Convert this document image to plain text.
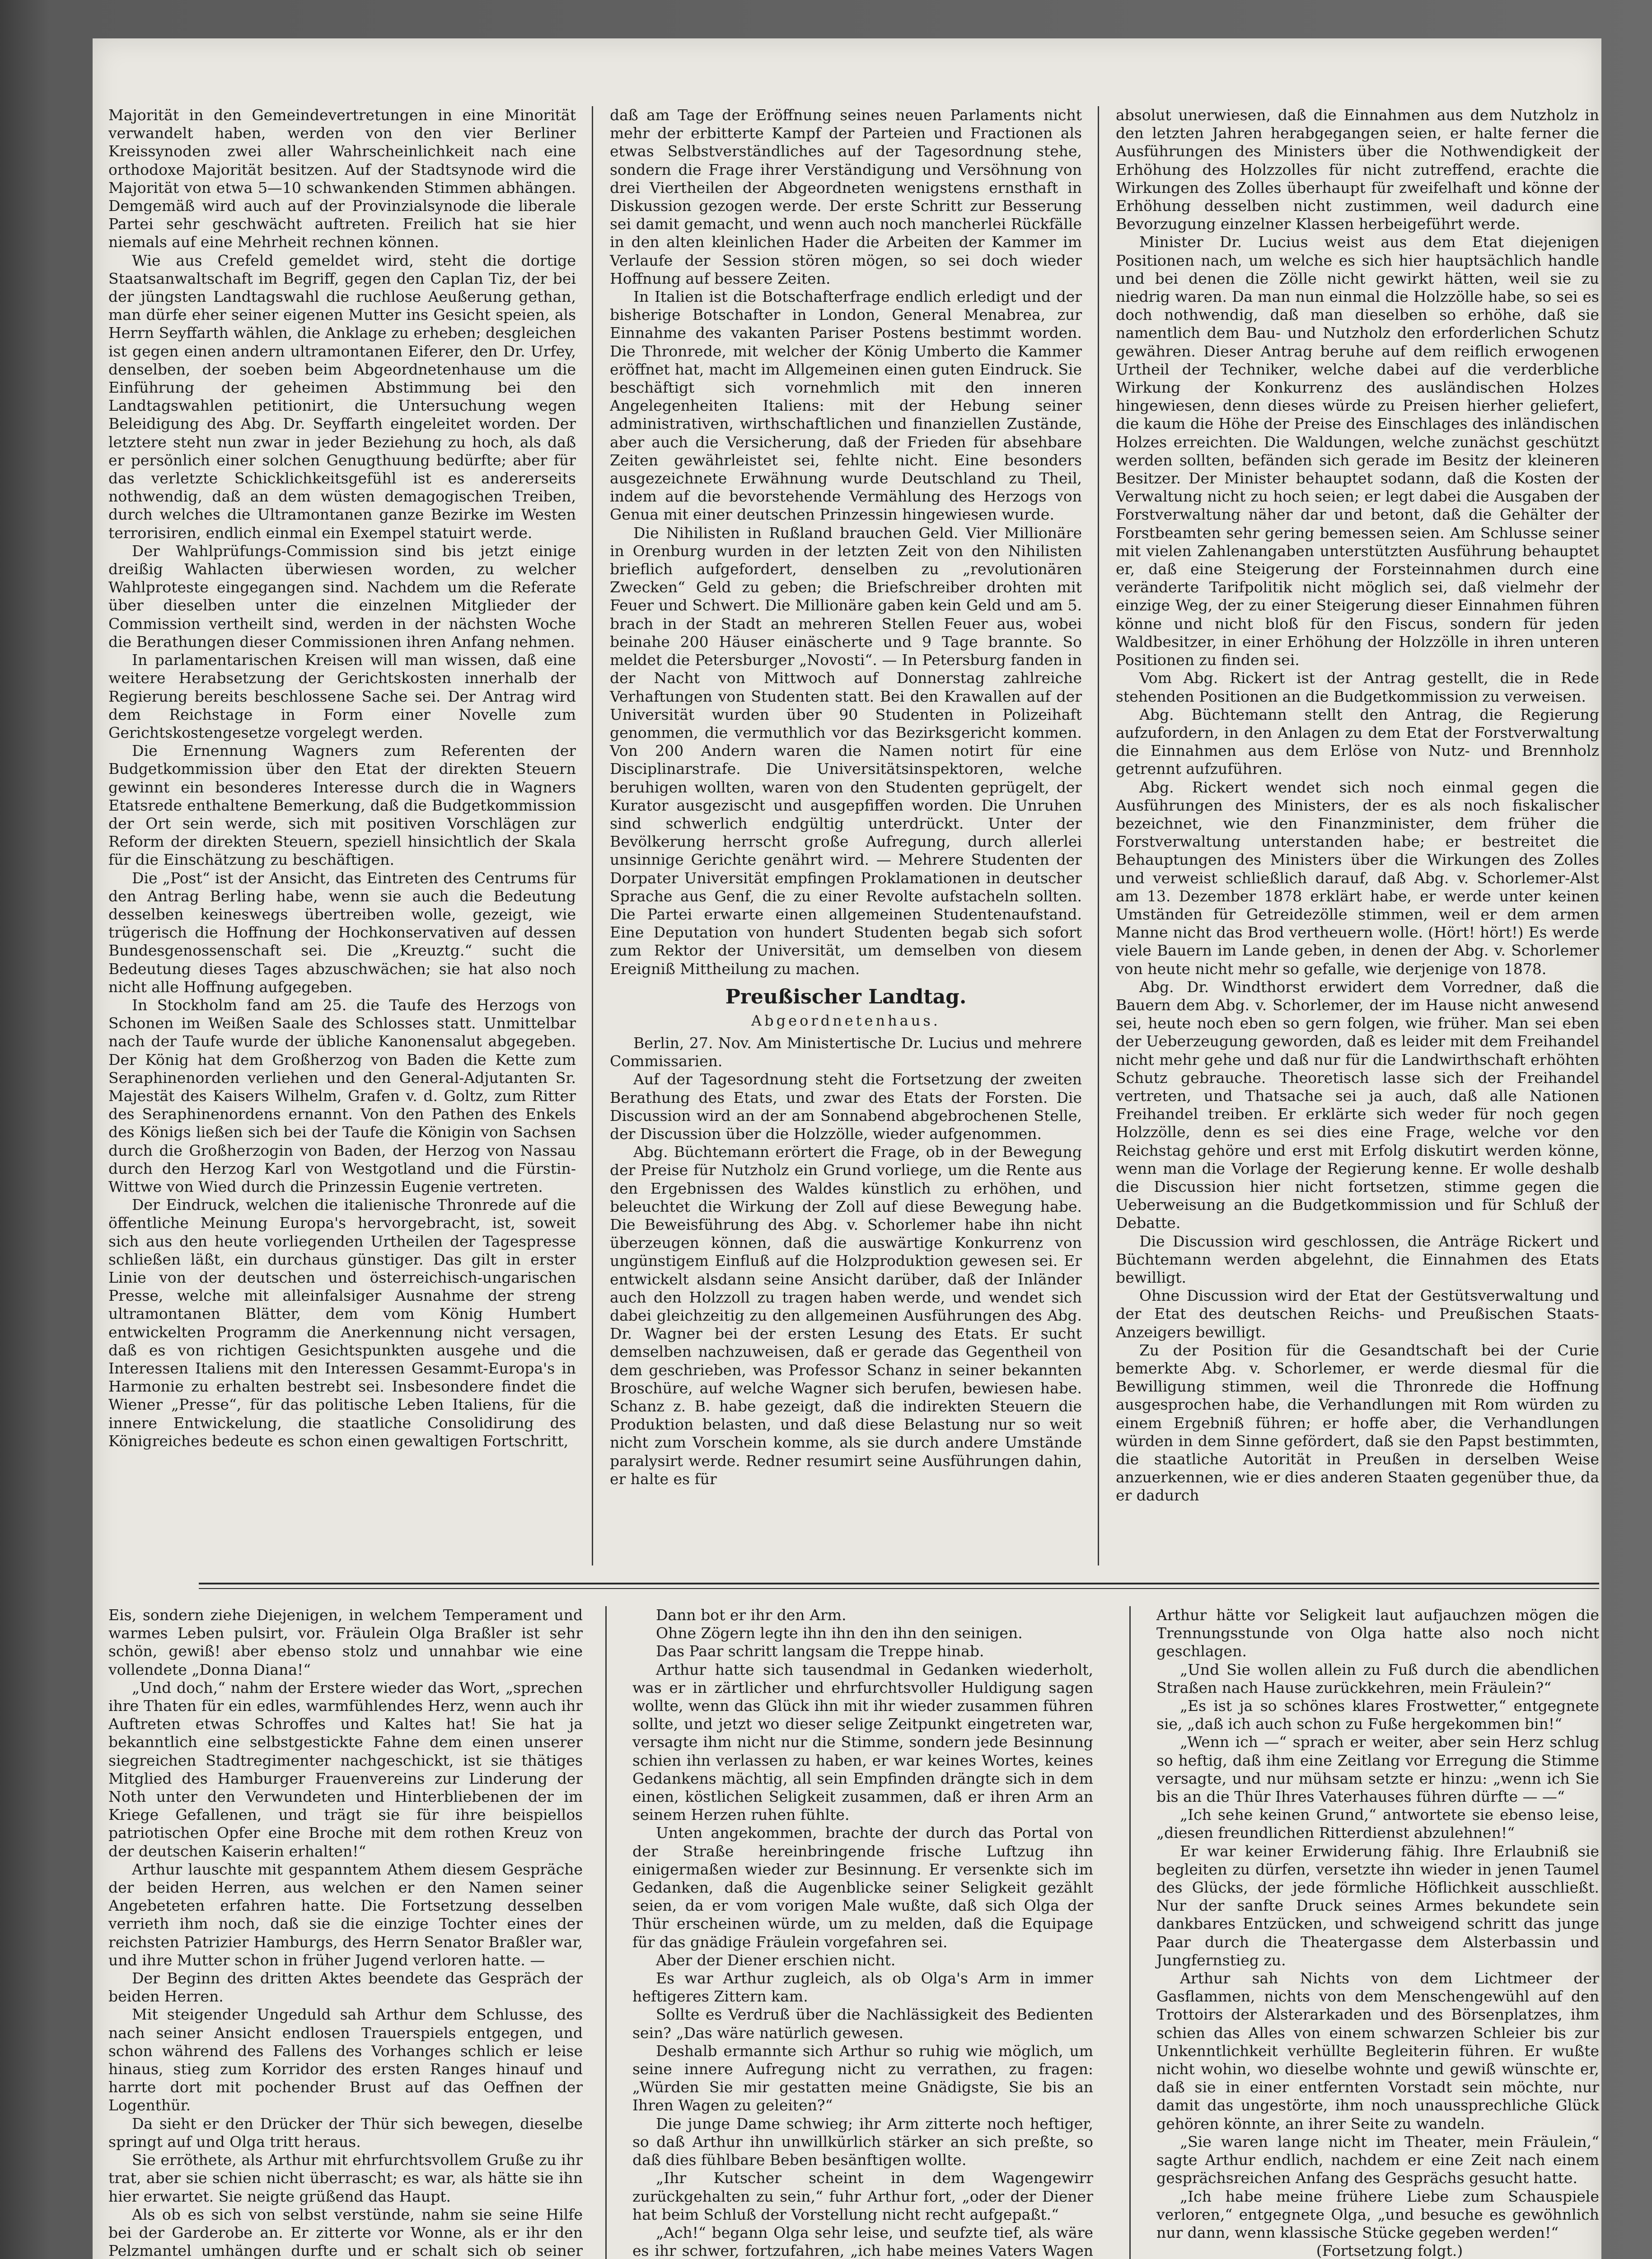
Majorität in den Gemeindevertretungen in eine Minorität verwandelt haben, werden von den vier Berliner Kreissynoden zwei aller Wahrscheinlichkeit nach eine orthodoxe Majorität besitzen. Auf der Stadtsynode wird die Majorität von etwa 5—10 schwankenden Stimmen abhängen. Demgemäß wird auch auf der Provinzialsynode die liberale Partei sehr geschwächt auftreten. Freilich hat sie hier niemals auf eine Mehrheit rechnen können.

Wie aus Crefeld gemeldet wird, steht die dortige Staatsanwaltschaft im Begriff, gegen den Caplan Tiz, der bei der jüngsten Landtagswahl die ruchlose Aeußerung gethan, man dürfe eher seiner eigenen Mutter ins Gesicht speien, als Herrn Seyffarth wählen, die Anklage zu erheben; desgleichen ist gegen einen andern ultramontanen Eiferer, den Dr. Urfey, denselben, der soeben beim Abgeordnetenhause um die Einführung der geheimen Abstimmung bei den Landtagswahlen petitionirt, die Untersuchung wegen Beleidigung des Abg. Dr. Seyffarth eingeleitet worden. Der letztere steht nun zwar in jeder Beziehung zu hoch, als daß er persönlich einer solchen Genugthuung bedürfte; aber für das verletzte Schicklichkeitsgefühl ist es andererseits nothwendig, daß an dem wüsten demagogischen Treiben, durch welches die Ultramontanen ganze Bezirke im Westen terrorisiren, endlich einmal ein Exempel statuirt werde.

Der Wahlprüfungs-Commission sind bis jetzt einige dreißig Wahlacten überwiesen worden, zu welcher Wahlproteste eingegangen sind. Nachdem um die Referate über dieselben unter die einzelnen Mitglieder der Commission vertheilt sind, werden in der nächsten Woche die Berathungen dieser Commissionen ihren Anfang nehmen.

In parlamentarischen Kreisen will man wissen, daß eine weitere Herabsetzung der Gerichtskosten innerhalb der Regierung bereits beschlossene Sache sei. Der Antrag wird dem Reichstage in Form einer Novelle zum Gerichtskostengesetze vorgelegt werden.

Die Ernennung Wagners zum Referenten der Budgetkommission über den Etat der direkten Steuern gewinnt ein besonderes Interesse durch die in Wagners Etatsrede enthaltene Bemerkung, daß die Budgetkommission der Ort sein werde, sich mit positiven Vorschlägen zur Reform der direkten Steuern, speziell hinsichtlich der Skala für die Einschätzung zu beschäftigen.

Die „Post“ ist der Ansicht, das Eintreten des Centrums für den Antrag Berling habe, wenn sie auch die Bedeutung desselben keineswegs übertreiben wolle, gezeigt, wie trügerisch die Hoffnung der Hochkonservativen auf dessen Bundesgenossenschaft sei. Die „Kreuztg.“ sucht die Bedeutung dieses Tages abzuschwächen; sie hat also noch nicht alle Hoffnung aufgegeben.

In Stockholm fand am 25. die Taufe des Herzogs von Schonen im Weißen Saale des Schlosses statt. Unmittelbar nach der Taufe wurde der übliche Kanonensalut abgegeben. Der König hat dem Großherzog von Baden die Kette zum Seraphinenorden verliehen und den General-Adjutanten Sr. Majestät des Kaisers Wilhelm, Grafen v. d. Goltz, zum Ritter des Seraphinenordens ernannt. Von den Pathen des Enkels des Königs ließen sich bei der Taufe die Königin von Sachsen durch die Großherzogin von Baden, der Herzog von Nassau durch den Herzog Karl von Westgotland und die Fürstin-Wittwe von Wied durch die Prinzessin Eugenie vertreten.

Der Eindruck, welchen die italienische Thronrede auf die öffentliche Meinung Europa's hervorgebracht, ist, soweit sich aus den heute vorliegenden Urtheilen der Tagespresse schließen läßt, ein durchaus günstiger. Das gilt in erster Linie von der deutschen und österreichisch-ungarischen Presse, welche mit alleinfalsiger Ausnahme der streng ultramontanen Blätter, dem vom König Humbert entwickelten Programm die Anerkennung nicht versagen, daß es von richtigen Gesichtspunkten ausgehe und die Interessen Italiens mit den Interessen Gesammt-Europa's in Harmonie zu erhalten bestrebt sei. Insbesondere findet die Wiener „Presse“, für das politische Leben Italiens, für die innere Entwickelung, die staatliche Consolidirung des Königreiches bedeute es schon einen gewaltigen Fortschritt,

daß am Tage der Eröffnung seines neuen Parlaments nicht mehr der erbitterte Kampf der Parteien und Fractionen als etwas Selbstverständliches auf der Tagesordnung stehe, sondern die Frage ihrer Verständigung und Versöhnung von drei Viertheilen der Abgeordneten wenigstens ernsthaft in Diskussion gezogen werde. Der erste Schritt zur Besserung sei damit gemacht, und wenn auch noch mancherlei Rückfälle in den alten kleinlichen Hader die Arbeiten der Kammer im Verlaufe der Session stören mögen, so sei doch wieder Hoffnung auf bessere Zeiten.

In Italien ist die Botschafterfrage endlich erledigt und der bisherige Botschafter in London, General Menabrea, zur Einnahme des vakanten Pariser Postens bestimmt worden. Die Thronrede, mit welcher der König Umberto die Kammer eröffnet hat, macht im Allgemeinen einen guten Eindruck. Sie beschäftigt sich vornehmlich mit den inneren Angelegenheiten Italiens: mit der Hebung seiner administrativen, wirthschaftlichen und finanziellen Zustände, aber auch die Versicherung, daß der Frieden für absehbare Zeiten gewährleistet sei, fehlte nicht. Eine besonders ausgezeichnete Erwähnung wurde Deutschland zu Theil, indem auf die bevorstehende Vermählung des Herzogs von Genua mit einer deutschen Prinzessin hingewiesen wurde.

Die Nihilisten in Rußland brauchen Geld. Vier Millionäre in Orenburg wurden in der letzten Zeit von den Nihilisten brieflich aufgefordert, denselben zu „revolutionären Zwecken“ Geld zu geben; die Briefschreiber drohten mit Feuer und Schwert. Die Millionäre gaben kein Geld und am 5. brach in der Stadt an mehreren Stellen Feuer aus, wobei beinahe 200 Häuser einäscherte und 9 Tage brannte. So meldet die Petersburger „Novosti“. — In Petersburg fanden in der Nacht von Mittwoch auf Donnerstag zahlreiche Verhaftungen von Studenten statt. Bei den Krawallen auf der Universität wurden über 90 Studenten in Polizeihaft genommen, die vermuthlich vor das Bezirksgericht kommen. Von 200 Andern waren die Namen notirt für eine Disciplinarstrafe. Die Universitätsinspektoren, welche beruhigen wollten, waren von den Studenten geprügelt, der Kurator ausgezischt und ausgepfiffen worden. Die Unruhen sind schwerlich endgültig unterdrückt. Unter der Bevölkerung herrscht große Aufregung, durch allerlei unsinnige Gerichte genährt wird. — Mehrere Studenten der Dorpater Universität empfingen Proklamationen in deutscher Sprache aus Genf, die zu einer Revolte aufstacheln sollten. Die Partei erwarte einen allgemeinen Studentenaufstand. Eine Deputation von hundert Studenten begab sich sofort zum Rektor der Universität, um demselben von diesem Ereigniß Mittheilung zu machen.

Preußischer Landtag.
Abgeordnetenhaus.

Berlin, 27. Nov. Am Ministertische Dr. Lucius und mehrere Commissarien.

Auf der Tagesordnung steht die Fortsetzung der zweiten Berathung des Etats, und zwar des Etats der Forsten. Die Discussion wird an der am Sonnabend abgebrochenen Stelle, der Discussion über die Holzzölle, wieder aufgenommen.

Abg. Büchtemann erörtert die Frage, ob in der Bewegung der Preise für Nutzholz ein Grund vorliege, um die Rente aus den Ergebnissen des Waldes künstlich zu erhöhen, und beleuchtet die Wirkung der Zoll auf diese Bewegung habe. Die Beweisführung des Abg. v. Schorlemer habe ihn nicht überzeugen können, daß die auswärtige Konkurrenz von ungünstigem Einfluß auf die Holzproduktion gewesen sei. Er entwickelt alsdann seine Ansicht darüber, daß der Inländer auch den Holzzoll zu tragen haben werde, und wendet sich dabei gleichzeitig zu den allgemeinen Ausführungen des Abg. Dr. Wagner bei der ersten Lesung des Etats. Er sucht demselben nachzuweisen, daß er gerade das Gegentheil von dem geschrieben, was Professor Schanz in seiner bekannten Broschüre, auf welche Wagner sich berufen, bewiesen habe. Schanz z. B. habe gezeigt, daß die indirekten Steuern die Produktion belasten, und daß diese Belastung nur so weit nicht zum Vorschein komme, als sie durch andere Umstände paralysirt werde. Redner resumirt seine Ausführungen dahin, er halte es für

absolut unerwiesen, daß die Einnahmen aus dem Nutzholz in den letzten Jahren herabgegangen seien, er halte ferner die Ausführungen des Ministers über die Nothwendigkeit der Erhöhung des Holzzolles für nicht zutreffend, erachte die Wirkungen des Zolles überhaupt für zweifelhaft und könne der Erhöhung desselben nicht zustimmen, weil dadurch eine Bevorzugung einzelner Klassen herbeigeführt werde.

Minister Dr. Lucius weist aus dem Etat diejenigen Positionen nach, um welche es sich hier hauptsächlich handle und bei denen die Zölle nicht gewirkt hätten, weil sie zu niedrig waren. Da man nun einmal die Holzzölle habe, so sei es doch nothwendig, daß man dieselben so erhöhe, daß sie namentlich dem Bau- und Nutzholz den erforderlichen Schutz gewähren. Dieser Antrag beruhe auf dem reiflich erwogenen Urtheil der Techniker, welche dabei auf die verderbliche Wirkung der Konkurrenz des ausländischen Holzes hingewiesen, denn dieses würde zu Preisen hierher geliefert, die kaum die Höhe der Preise des Einschlages des inländischen Holzes erreichten. Die Waldungen, welche zunächst geschützt werden sollten, befänden sich gerade im Besitz der kleineren Besitzer. Der Minister behauptet sodann, daß die Kosten der Verwaltung nicht zu hoch seien; er legt dabei die Ausgaben der Forstverwaltung näher dar und betont, daß die Gehälter der Forstbeamten sehr gering bemessen seien. Am Schlusse seiner mit vielen Zahlenangaben unterstützten Ausführung behauptet er, daß eine Steigerung der Forsteinnahmen durch eine veränderte Tarifpolitik nicht möglich sei, daß vielmehr der einzige Weg, der zu einer Steigerung dieser Einnahmen führen könne und nicht bloß für den Fiscus, sondern für jeden Waldbesitzer, in einer Erhöhung der Holzzölle in ihren unteren Positionen zu finden sei.

Vom Abg. Rickert ist der Antrag gestellt, die in Rede stehenden Positionen an die Budgetkommission zu verweisen.

Abg. Büchtemann stellt den Antrag, die Regierung aufzufordern, in den Anlagen zu dem Etat der Forstverwaltung die Einnahmen aus dem Erlöse von Nutz- und Brennholz getrennt aufzuführen.

Abg. Rickert wendet sich noch einmal gegen die Ausführungen des Ministers, der es als noch fiskalischer bezeichnet, wie den Finanzminister, dem früher die Forstverwaltung unterstanden habe; er bestreitet die Behauptungen des Ministers über die Wirkungen des Zolles und verweist schließlich darauf, daß Abg. v. Schorlemer-Alst am 13. Dezember 1878 erklärt habe, er werde unter keinen Umständen für Getreidezölle stimmen, weil er dem armen Manne nicht das Brod vertheuern wolle. (Hört! hört!) Es werde viele Bauern im Lande geben, in denen der Abg. v. Schorlemer von heute nicht mehr so gefalle, wie derjenige von 1878.

Abg. Dr. Windthorst erwidert dem Vorredner, daß die Bauern dem Abg. v. Schorlemer, der im Hause nicht anwesend sei, heute noch eben so gern folgen, wie früher. Man sei eben der Ueberzeugung geworden, daß es leider mit dem Freihandel nicht mehr gehe und daß nur für die Landwirthschaft erhöhten Schutz gebrauche. Theoretisch lasse sich der Freihandel vertreten, und Thatsache sei ja auch, daß alle Nationen Freihandel treiben. Er erklärte sich weder für noch gegen Holzzölle, denn es sei dies eine Frage, welche vor den Reichstag gehöre und erst mit Erfolg diskutirt werden könne, wenn man die Vorlage der Regierung kenne. Er wolle deshalb die Discussion hier nicht fortsetzen, stimme gegen die Ueberweisung an die Budgetkommission und für Schluß der Debatte.

Die Discussion wird geschlossen, die Anträge Rickert und Büchtemann werden abgelehnt, die Einnahmen des Etats bewilligt.

Ohne Discussion wird der Etat der Gestütsverwaltung und der Etat des deutschen Reichs- und Preußischen Staats-Anzeigers bewilligt.

Zu der Position für die Gesandtschaft bei der Curie bemerkte Abg. v. Schorlemer, er werde diesmal für die Bewilligung stimmen, weil die Thronrede die Hoffnung ausgesprochen habe, die Verhandlungen mit Rom würden zu einem Ergebniß führen; er hoffe aber, die Verhandlungen würden in dem Sinne gefördert, daß sie den Papst bestimmten, die staatliche Autorität in Preußen in derselben Weise anzuerkennen, wie er dies anderen Staaten gegenüber thue, da er dadurch

Eis, sondern ziehe Diejenigen, in welchem Temperament und warmes Leben pulsirt, vor. Fräulein Olga Braßler ist sehr schön, gewiß! aber ebenso stolz und unnahbar wie eine vollendete „Donna Diana!“

„Und doch,“ nahm der Erstere wieder das Wort, „sprechen ihre Thaten für ein edles, warmfühlendes Herz, wenn auch ihr Auftreten etwas Schroffes und Kaltes hat! Sie hat ja bekanntlich eine selbstgestickte Fahne dem einen unserer siegreichen Stadtregimenter nachgeschickt, ist sie thätiges Mitglied des Hamburger Frauenvereins zur Linderung der Noth unter den Verwundeten und Hinterbliebenen der im Kriege Gefallenen, und trägt sie für ihre beispiellos patriotischen Opfer eine Broche mit dem rothen Kreuz von der deutschen Kaiserin erhalten!“

Arthur lauschte mit gespanntem Athem diesem Gespräche der beiden Herren, aus welchen er den Namen seiner Angebeteten erfahren hatte. Die Fortsetzung desselben verrieth ihm noch, daß sie die einzige Tochter eines der reichsten Patrizier Hamburgs, des Herrn Senator Braßler war, und ihre Mutter schon in früher Jugend verloren hatte. —

Der Beginn des dritten Aktes beendete das Gespräch der beiden Herren.

Mit steigender Ungeduld sah Arthur dem Schlusse, des nach seiner Ansicht endlosen Trauerspiels entgegen, und schon während des Fallens des Vorhanges schlich er leise hinaus, stieg zum Korridor des ersten Ranges hinauf und harrte dort mit pochender Brust auf das Oeffnen der Logenthür.

Da sieht er den Drücker der Thür sich bewegen, dieselbe springt auf und Olga tritt heraus.

Sie erröthete, als Arthur mit ehrfurchtsvollem Gruße zu ihr trat, aber sie schien nicht überrascht; es war, als hätte sie ihn hier erwartet. Sie neigte grüßend das Haupt.

Als ob es sich von selbst verstünde, nahm sie seine Hilfe bei der Garderobe an. Er zitterte vor Wonne, als er ihr den Pelzmantel umhängen durfte und er schalt sich ob seiner

Dann bot er ihr den Arm.

Ohne Zögern legte ihn ihn den ihn den seinigen.

Das Paar schritt langsam die Treppe hinab.

Arthur hatte sich tausendmal in Gedanken wiederholt, was er in zärtlicher und ehrfurchtsvoller Huldigung sagen wollte, wenn das Glück ihn mit ihr wieder zusammen führen sollte, und jetzt wo dieser selige Zeitpunkt eingetreten war, versagte ihm nicht nur die Stimme, sondern jede Besinnung schien ihn verlassen zu haben, er war keines Wortes, keines Gedankens mächtig, all sein Empfinden drängte sich in dem einen, köstlichen Seligkeit zusammen, daß er ihren Arm an seinem Herzen ruhen fühlte.

Unten angekommen, brachte der durch das Portal von der Straße hereinbringende frische Luftzug ihn einigermaßen wieder zur Besinnung. Er versenkte sich im Gedanken, daß die Augenblicke seiner Seligkeit gezählt seien, da er vom vorigen Male wußte, daß sich Olga der Thür erscheinen würde, um zu melden, daß die Equipage für das gnädige Fräulein vorgefahren sei.

Aber der Diener erschien nicht.

Es war Arthur zugleich, als ob Olga's Arm in immer heftigeres Zittern kam.

Sollte es Verdruß über die Nachlässigkeit des Bedienten sein? „Das wäre natürlich gewesen.

Deshalb ermannte sich Arthur so ruhig wie möglich, um seine innere Aufregung nicht zu verrathen, zu fragen: „Würden Sie mir gestatten meine Gnädigste, Sie bis an Ihren Wagen zu geleiten?“

Die junge Dame schwieg; ihr Arm zitterte noch heftiger, so daß Arthur ihn unwillkürlich stärker an sich preßte, so daß dies fühlbare Beben besänftigen wollte.

„Ihr Kutscher scheint in dem Wagengewirr zurückgehalten zu sein,“ fuhr Arthur fort, „oder der Diener hat beim Schluß der Vorstellung nicht recht aufgepaßt.“

„Ach!“ begann Olga sehr leise, und seufzte tief, als wäre es ihr schwer, fortzufahren, „ich habe meines Vaters Wagen

Arthur hätte vor Seligkeit laut aufjauchzen mögen die Trennungsstunde von Olga hatte also noch nicht geschlagen.

„Und Sie wollen allein zu Fuß durch die abendlichen Straßen nach Hause zurückkehren, mein Fräulein?“

„Es ist ja so schönes klares Frostwetter,“ entgegnete sie, „daß ich auch schon zu Fuße hergekommen bin!“

„Wenn ich —“ sprach er weiter, aber sein Herz schlug so heftig, daß ihm eine Zeitlang vor Erregung die Stimme versagte, und nur mühsam setzte er hinzu: „wenn ich Sie bis an die Thür Ihres Vaterhauses führen dürfte — —“

„Ich sehe keinen Grund,“ antwortete sie ebenso leise, „diesen freundlichen Ritterdienst abzulehnen!“

Er war keiner Erwiderung fähig. Ihre Erlaubniß sie begleiten zu dürfen, versetzte ihn wieder in jenen Taumel des Glücks, der jede förmliche Höflichkeit ausschließt. Nur der sanfte Druck seines Armes bekundete sein dankbares Entzücken, und schweigend schritt das junge Paar durch die Theatergasse dem Alsterbassin und Jungfernstieg zu.

Arthur sah Nichts von dem Lichtmeer der Gasflammen, nichts von dem Menschengewühl auf den Trottoirs der Alsterarkaden und des Börsenplatzes, ihm schien das Alles von einem schwarzen Schleier bis zur Unkenntlichkeit verhüllte Begleiterin führen. Er wußte nicht wohin, wo dieselbe wohnte und gewiß wünschte er, daß sie in einer entfernten Vorstadt sein möchte, nur damit das ungestörte, ihm noch unaussprechliche Glück gehören könnte, an ihrer Seite zu wandeln.

„Sie waren lange nicht im Theater, mein Fräulein,“ sagte Arthur endlich, nachdem er eine Zeit nach einem gesprächsreichen Anfang des Gesprächs gesucht hatte.

„Ich habe meine frühere Liebe zum Schauspiele verloren,“ entgegnete Olga, „und besuche es gewöhnlich nur dann, wenn klassische Stücke gegeben werden!“

(Fortsetzung folgt.)
